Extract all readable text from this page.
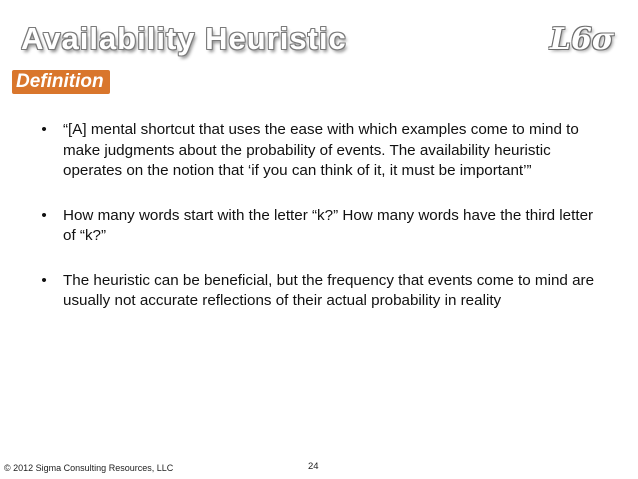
Availability Heuristic	L6σ
Definition
• “[A] mental shortcut that uses the ease with which examples come to mind to make judgments about the probability of events. The availability heuristic operates on the notion that ‘if you can think of it, it must be important’”
• How many words start with the letter “k?” How many words have the third letter of “k?”
• The heuristic can be beneficial, but the frequency that events come to mind are usually not accurate reflections of their actual probability in reality
© 2012 Sigma Consulting Resources, LLC	24
